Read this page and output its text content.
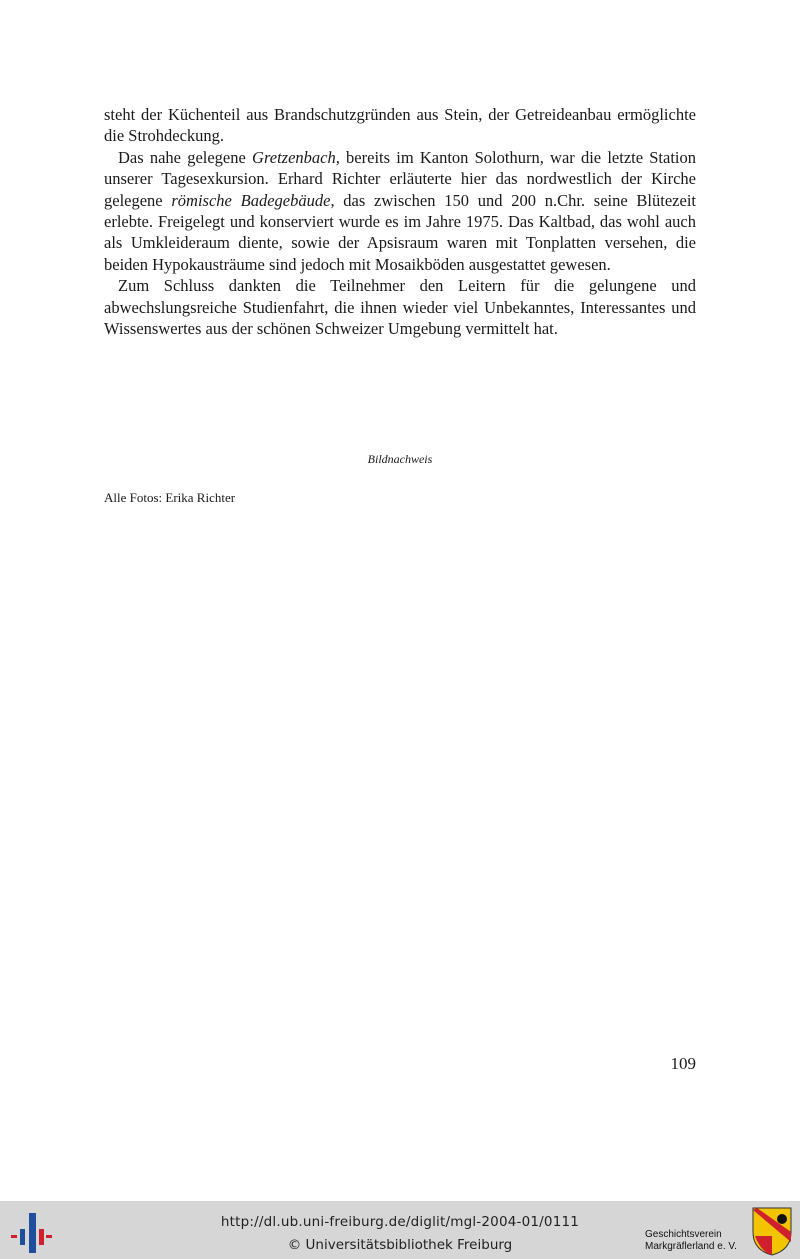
steht der Küchenteil aus Brandschutzgründen aus Stein, der Getreideanbau ermöglichte die Strohdeckung.

Das nahe gelegene Gretzenbach, bereits im Kanton Solothurn, war die letzte Station unserer Tagesexkursion. Erhard Richter erläuterte hier das nordwestlich der Kirche gelegene römische Badegebäude, das zwischen 150 und 200 n.Chr. seine Blütezeit erlebte. Freigelegt und konserviert wurde es im Jahre 1975. Das Kaltbad, das wohl auch als Umkleideraum diente, sowie der Apsisraum waren mit Tonplatten versehen, die beiden Hypokausträume sind jedoch mit Mosaikböden ausgestattet gewesen.

Zum Schluss dankten die Teilnehmer den Leitern für die gelungene und abwechslungsreiche Studienfahrt, die ihnen wieder viel Unbekanntes, Interessantes und Wissenswertes aus der schönen Schweizer Umgebung vermittelt hat.

Bildnachweis
Alle Fotos: Erika Richter
109
http://dl.ub.uni-freiburg.de/diglit/mgl-2004-01/0111
© Universitätsbibliothek Freiburg
Geschichtsverein
Markgräflerland e. V.
